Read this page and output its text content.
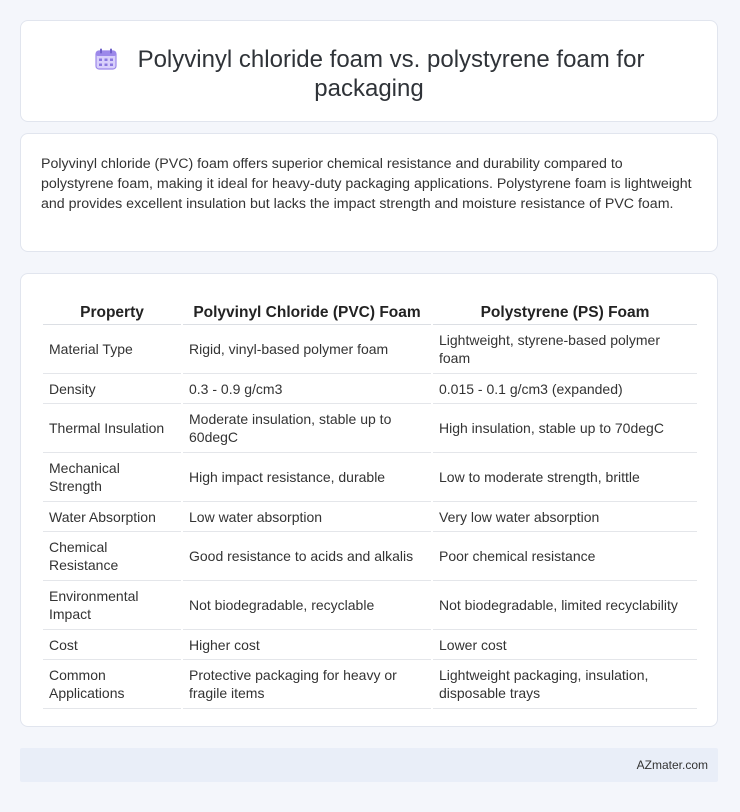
Polyvinyl chloride foam vs. polystyrene foam for
packaging
Polyvinyl chloride (PVC) foam offers superior chemical resistance and durability compared to polystyrene foam, making it ideal for heavy-duty packaging applications. Polystyrene foam is lightweight and provides excellent insulation but lacks the impact strength and moisture resistance of PVC foam.
Property	Polyvinyl Chloride (PVC) Foam	Polystyrene (PS) Foam
Material Type	Rigid, vinyl-based polymer foam	Lightweight, styrene-based polymer foam
Density	0.3 - 0.9 g/cm3	0.015 - 0.1 g/cm3 (expanded)
Thermal Insulation	Moderate insulation, stable up to 60degC	High insulation, stable up to 70degC
Mechanical Strength	High impact resistance, durable	Low to moderate strength, brittle
Water Absorption	Low water absorption	Very low water absorption
Chemical Resistance	Good resistance to acids and alkalis	Poor chemical resistance
Environmental Impact	Not biodegradable, recyclable	Not biodegradable, limited recyclability
Cost	Higher cost	Lower cost
Common Applications	Protective packaging for heavy or fragile items	Lightweight packaging, insulation, disposable trays
AZmater.com
